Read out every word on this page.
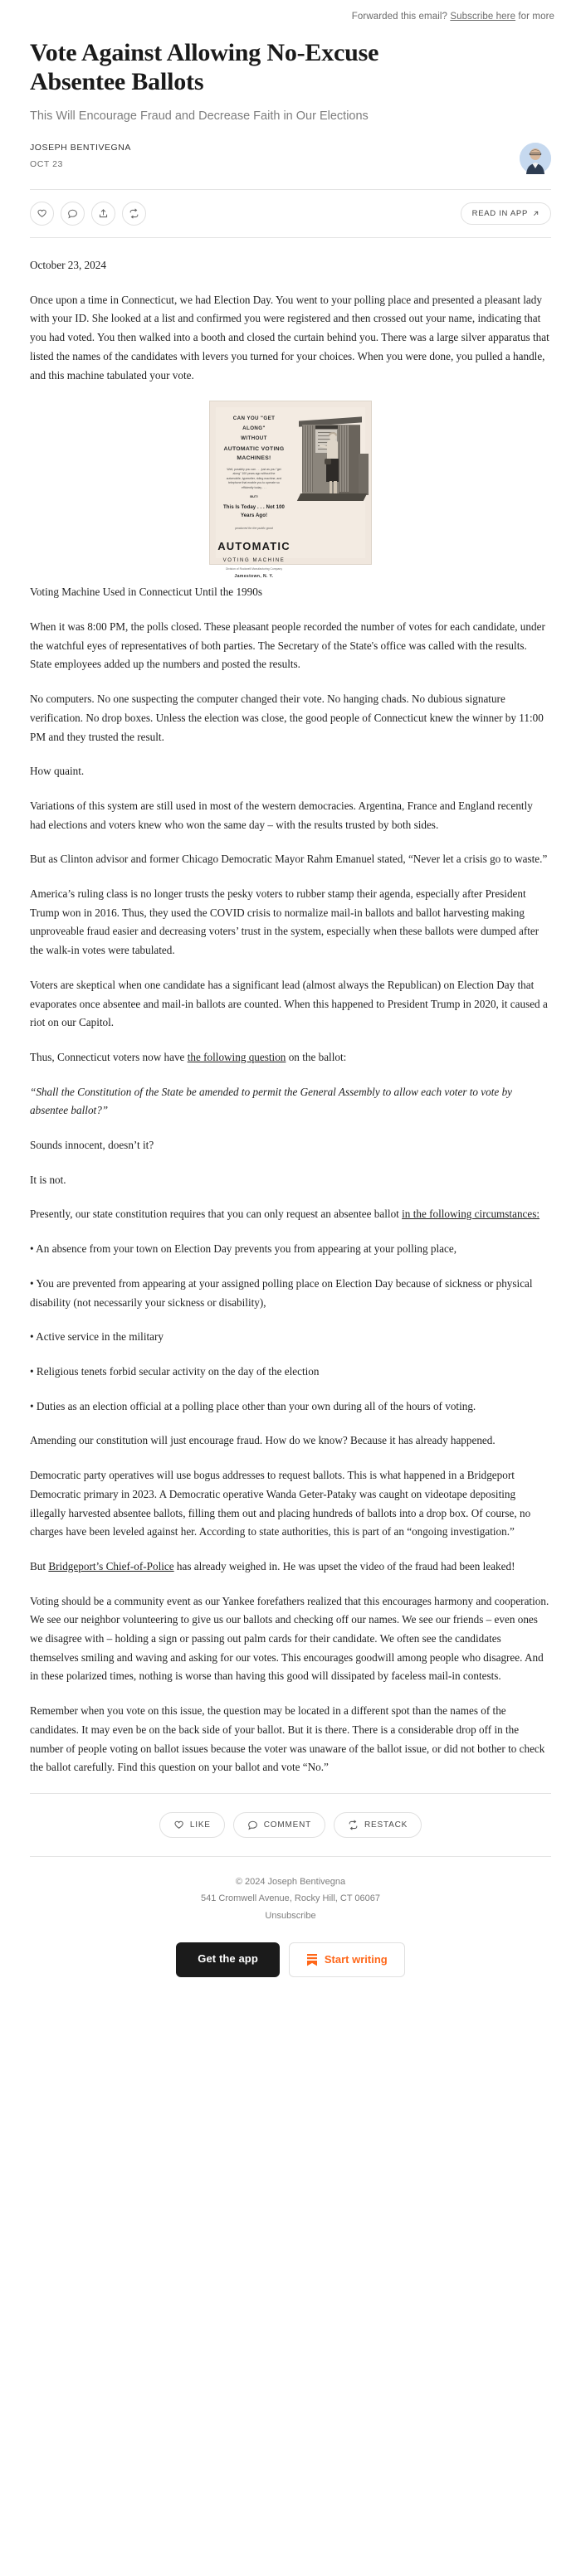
Forwarded this email? Subscribe here for more
Vote Against Allowing No-Excuse Absentee Ballots
This Will Encourage Fraud and Decrease Faith in Our Elections
JOSEPH BENTIVEGNA
OCT 23
READ IN APP

October 23, 2024

Once upon a time in Connecticut, we had Election Day. You went to your polling place and presented a pleasant lady with your ID. She looked at a list and confirmed you were registered and then crossed out your name, indicating that you had voted. You then walked into a booth and closed the curtain behind you. There was a large silver apparatus that listed the names of the candidates with levers you turned for your choices. When you were done, you pulled a handle, and this machine tabulated your vote.

CAN YOU "GET ALONG"
WITHOUT
AUTOMATIC VOTING MACHINES!
Well, possibly you can . . . just as you "get along" 100 years ago without the automobile, typewriter, riding machine, and telephone that enable you to operate so efficiently today . . .
BUT!
This Is Today . . . Not 100 Years Ago!
produced for the public good
AUTOMATIC
VOTING MACHINE
Division of Rockwell Manufacturing Company
Jamestown, N. Y.

Voting Machine Used in Connecticut Until the 1990s

When it was 8:00 PM, the polls closed. These pleasant people recorded the number of votes for each candidate, under the watchful eyes of representatives of both parties. The Secretary of the State's office was called with the results. State employees added up the numbers and posted the results.

No computers. No one suspecting the computer changed their vote. No hanging chads. No dubious signature verification. No drop boxes. Unless the election was close, the good people of Connecticut knew the winner by 11:00 PM and they trusted the result.

How quaint.

Variations of this system are still used in most of the western democracies. Argentina, France and England recently had elections and voters knew who won the same day – with the results trusted by both sides.

But as Clinton advisor and former Chicago Democratic Mayor Rahm Emanuel stated, “Never let a crisis go to waste.”

America’s ruling class is no longer trusts the pesky voters to rubber stamp their agenda, especially after President Trump won in 2016. Thus, they used the COVID crisis to normalize mail-in ballots and ballot harvesting making unproveable fraud easier and decreasing voters’ trust in the system, especially when these ballots were dumped after the walk-in votes were tabulated.

Voters are skeptical when one candidate has a significant lead (almost always the Republican) on Election Day that evaporates once absentee and mail-in ballots are counted. When this happened to President Trump in 2020, it caused a riot on our Capitol.

Thus, Connecticut voters now have the following question on the ballot:

“Shall the Constitution of the State be amended to permit the General Assembly to allow each voter to vote by absentee ballot?”

Sounds innocent, doesn’t it?

It is not.

Presently, our state constitution requires that you can only request an absentee ballot in the following circumstances:

• An absence from your town on Election Day prevents you from appearing at your polling place,

• You are prevented from appearing at your assigned polling place on Election Day because of sickness or physical disability (not necessarily your sickness or disability),

• Active service in the military

• Religious tenets forbid secular activity on the day of the election

• Duties as an election official at a polling place other than your own during all of the hours of voting.

Amending our constitution will just encourage fraud. How do we know? Because it has already happened.

Democratic party operatives will use bogus addresses to request ballots. This is what happened in a Bridgeport Democratic primary in 2023. A Democratic operative Wanda Geter-Pataky was caught on videotape depositing illegally harvested absentee ballots, filling them out and placing hundreds of ballots into a drop box. Of course, no charges have been leveled against her. According to state authorities, this is part of an “ongoing investigation.”

But Bridgeport’s Chief-of-Police has already weighed in. He was upset the video of the fraud had been leaked!

Voting should be a community event as our Yankee forefathers realized that this encourages harmony and cooperation. We see our neighbor volunteering to give us our ballots and checking off our names. We see our friends – even ones we disagree with – holding a sign or passing out palm cards for their candidate. We often see the candidates themselves smiling and waving and asking for our votes. This encourages goodwill among people who disagree. And in these polarized times, nothing is worse than having this good will dissipated by faceless mail-in contests.

Remember when you vote on this issue, the question may be located in a different spot than the names of the candidates. It may even be on the back side of your ballot. But it is there. There is a considerable drop off in the number of people voting on ballot issues because the voter was unaware of the ballot issue, or did not bother to check the ballot carefully. Find this question on your ballot and vote “No.”

LIKE	COMMENT	RESTACK
© 2024 Joseph Bentivegna
541 Cromwell Avenue, Rocky Hill, CT 06067
Unsubscribe
Get the app	Start writing
